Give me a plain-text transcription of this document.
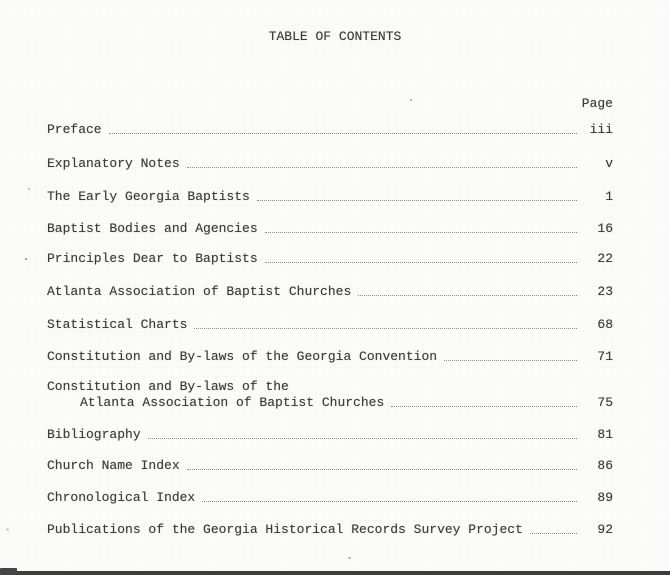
TABLE OF CONTENTS
Page
Preface	iii
Explanatory Notes	v
The Early Georgia Baptists	1
Baptist Bodies and Agencies	16
Principles Dear to Baptists	22
Atlanta Association of Baptist Churches	23
Statistical Charts	68
Constitution and By-laws of the Georgia Convention	71
Constitution and By-laws of the
Atlanta Association of Baptist Churches	75
Bibliography	81
Church Name Index	86
Chronological Index	89
Publications of the Georgia Historical Records Survey Project	92
